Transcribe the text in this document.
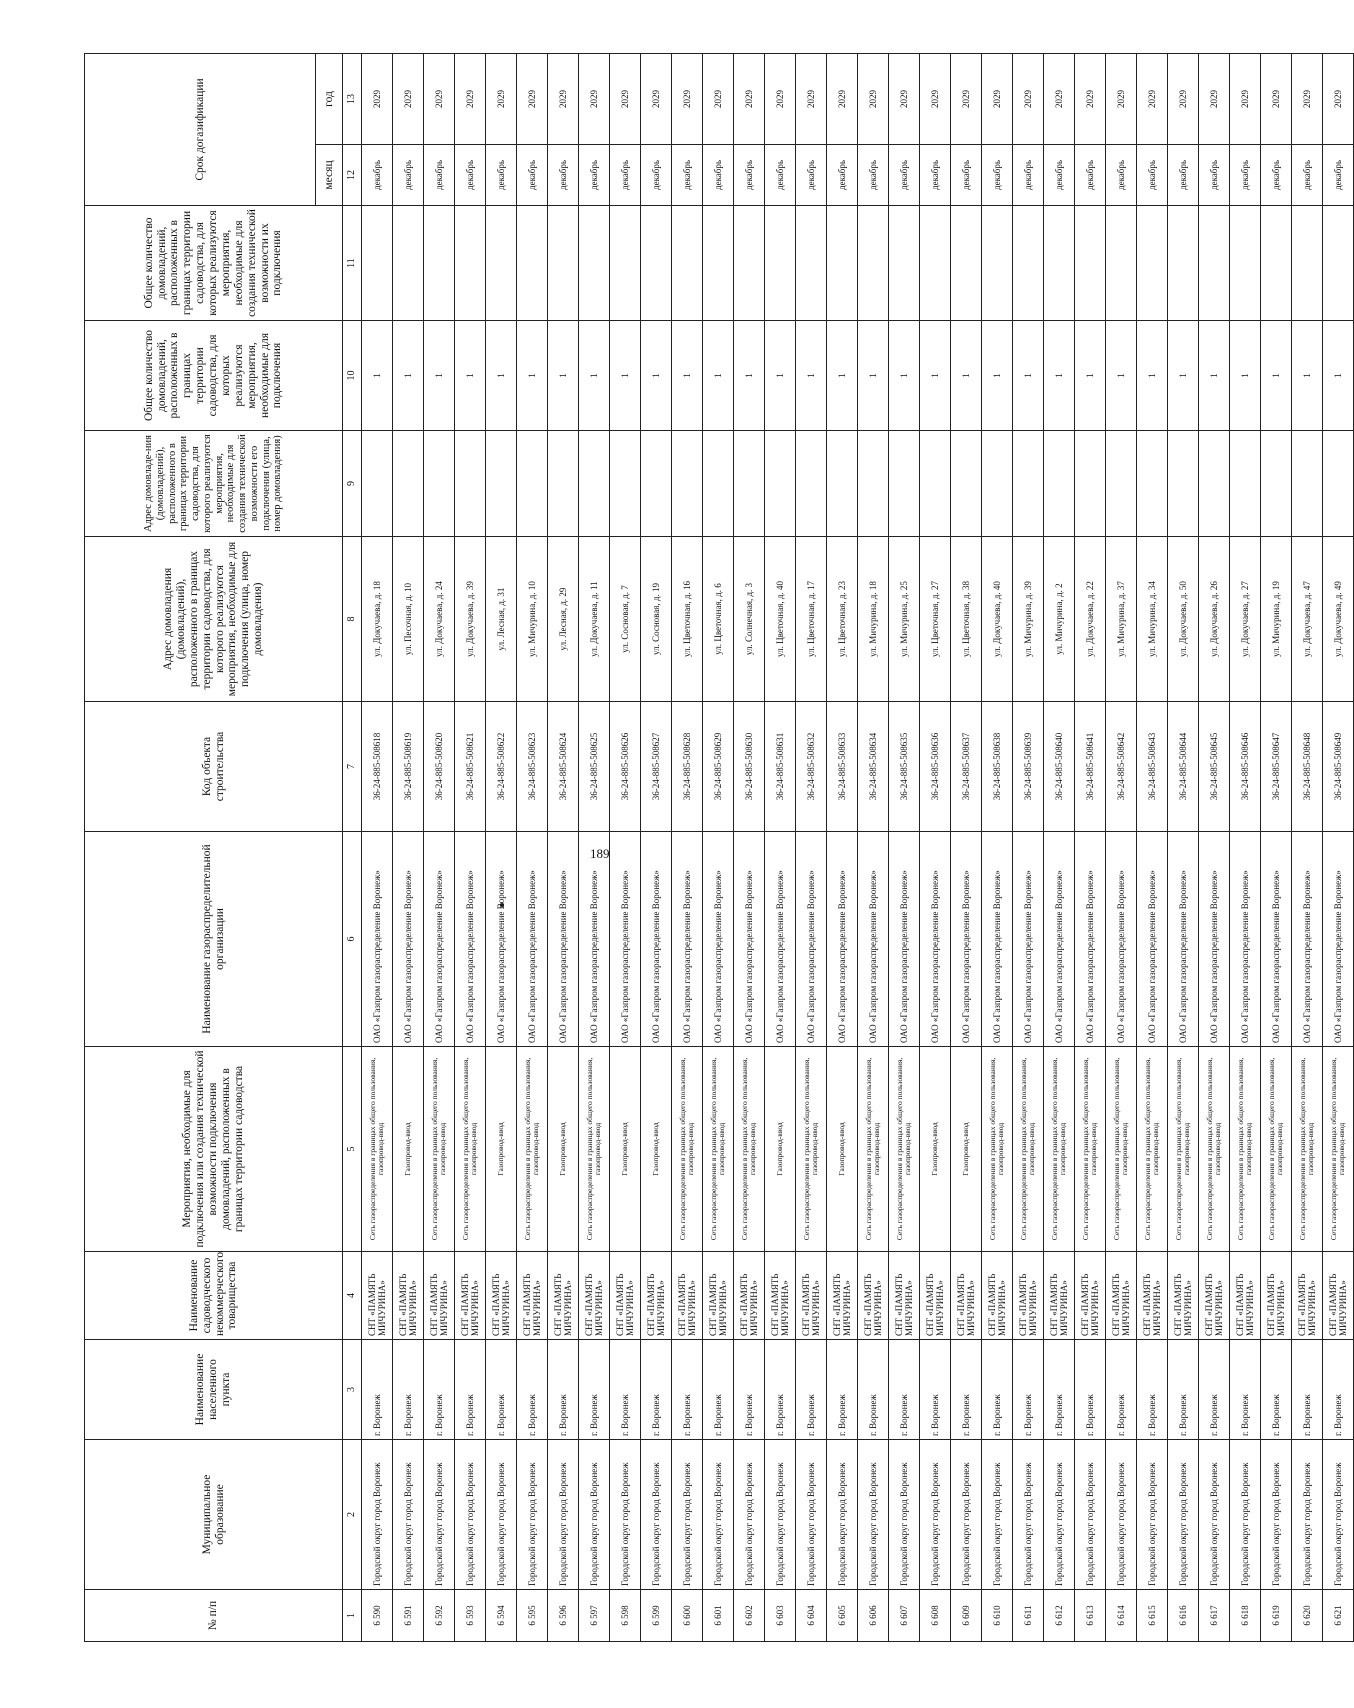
189
№ п/п	Муниципальное образование	Наименование населенного пункта	Наименование садоводческого некоммерческого товарищества	Мероприятия, необходимые для подключения или создания технической возможности подключения домовладений, расположенных в границах территории садоводства	Наименование газораспределительной организации	Код объекта строительства	Адрес домовладения (домовладений), расположенного в границах территории садоводства, для которого реализуются мероприятия, необходимые для подключения (улица, номер домовладения)	Адрес домовладе-ния (домовладений), расположенного в границах территории садоводства, для которого реализуются мероприятия, необходимые для создания технической возможности его подключения (улица, номер домовладения)	Общее количество домовладений, расположенных в границах территории садоводства, для которых реализуются мероприятия, необходимые для подключения	Общее количество домовладений, расположенных в границах территории садоводства, для которых реализуются мероприятия, необходимые для создания технической возможности их подключения	Срок догазификации	
											месяц	год
1	2	3	4	5	6	7	8	9	10	11	12	13
6 590	Городской округ город Воронеж	г. Воронеж	СНТ «ПАМЯТЬ МИЧУРИНА»	Сеть газораспределения в границах общего пользования, газопровод-ввод	ОАО «Газпром газораспределение Воронеж»	36-24-885-508618	ул. Докучаева, д. 18		1		декабрь	2029
6 591	Городской округ город Воронеж	г. Воронеж	СНТ «ПАМЯТЬ МИЧУРИНА»	Газопровод-ввод	ОАО «Газпром газораспределение Воронеж»	36-24-885-508619	ул. Песочная, д. 10		1		декабрь	2029
6 592	Городской округ город Воронеж	г. Воронеж	СНТ «ПАМЯТЬ МИЧУРИНА»	Сеть газораспределения в границах общего пользования, газопровод-ввод	ОАО «Газпром газораспределение Воронеж»	36-24-885-508620	ул. Докучаева, д. 24		1		декабрь	2029
6 593	Городской округ город Воронеж	г. Воронеж	СНТ «ПАМЯТЬ МИЧУРИНА»	Сеть газораспределения в границах общего пользования, газопровод-ввод	ОАО «Газпром газораспределение Воронеж»	36-24-885-508621	ул. Докучаева, д. 39		1		декабрь	2029
6 594	Городской округ город Воронеж	г. Воронеж	СНТ «ПАМЯТЬ МИЧУРИНА»	Газопровод-ввод	ОАО «Газпром газораспределение Воронеж»	36-24-885-508622	ул. Лесная, д. 31		1		декабрь	2029
6 595	Городской округ город Воронеж	г. Воронеж	СНТ «ПАМЯТЬ МИЧУРИНА»	Сеть газораспределения в границах общего пользования, газопровод-ввод	ОАО «Газпром газораспределение Воронеж»	36-24-885-508623	ул. Мичурина, д. 10		1		декабрь	2029
6 596	Городской округ город Воронеж	г. Воронеж	СНТ «ПАМЯТЬ МИЧУРИНА»	Газопровод-ввод	ОАО «Газпром газораспределение Воронеж»	36-24-885-508624	ул. Лесная, д. 29		1		декабрь	2029
6 597	Городской округ город Воронеж	г. Воронеж	СНТ «ПАМЯТЬ МИЧУРИНА»	Сеть газораспределения в границах общего пользования, газопровод-ввод	ОАО «Газпром газораспределение Воронеж»	36-24-885-508625	ул. Докучаева, д. 11		1		декабрь	2029
6 598	Городской округ город Воронеж	г. Воронеж	СНТ «ПАМЯТЬ МИЧУРИНА»	Газопровод-ввод	ОАО «Газпром газораспределение Воронеж»	36-24-885-508626	ул. Сосновая, д. 7		1		декабрь	2029
6 599	Городской округ город Воронеж	г. Воронеж	СНТ «ПАМЯТЬ МИЧУРИНА»	Газопровод-ввод	ОАО «Газпром газораспределение Воронеж»	36-24-885-508627	ул. Сосновая, д. 19		1		декабрь	2029
6 600	Городской округ город Воронеж	г. Воронеж	СНТ «ПАМЯТЬ МИЧУРИНА»	Сеть газораспределения в границах общего пользования, газопровод-ввод	ОАО «Газпром газораспределение Воронеж»	36-24-885-508628	ул. Цветочная, д. 16		1		декабрь	2029
6 601	Городской округ город Воронеж	г. Воронеж	СНТ «ПАМЯТЬ МИЧУРИНА»	Сеть газораспределения в границах общего пользования, газопровод-ввод	ОАО «Газпром газораспределение Воронеж»	36-24-885-508629	ул. Цветочная, д. 6		1		декабрь	2029
6 602	Городской округ город Воронеж	г. Воронеж	СНТ «ПАМЯТЬ МИЧУРИНА»	Сеть газораспределения в границах общего пользования, газопровод-ввод	ОАО «Газпром газораспределение Воронеж»	36-24-885-508630	ул. Солнечная, д. 3		1		декабрь	2029
6 603	Городской округ город Воронеж	г. Воронеж	СНТ «ПАМЯТЬ МИЧУРИНА»	Газопровод-ввод	ОАО «Газпром газораспределение Воронеж»	36-24-885-508631	ул. Цветочная, д. 40		1		декабрь	2029
6 604	Городской округ город Воронеж	г. Воронеж	СНТ «ПАМЯТЬ МИЧУРИНА»	Сеть газораспределения в границах общего пользования, газопровод-ввод	ОАО «Газпром газораспределение Воронеж»	36-24-885-508632	ул. Цветочная, д. 17		1		декабрь	2029
6 605	Городской округ город Воронеж	г. Воронеж	СНТ «ПАМЯТЬ МИЧУРИНА»	Газопровод-ввод	ОАО «Газпром газораспределение Воронеж»	36-24-885-508633	ул. Цветочная, д. 23		1		декабрь	2029
6 606	Городской округ город Воронеж	г. Воронеж	СНТ «ПАМЯТЬ МИЧУРИНА»	Сеть газораспределения в границах общего пользования, газопровод-ввод	ОАО «Газпром газораспределение Воронеж»	36-24-885-508634	ул. Мичурина, д. 18		1		декабрь	2029
6 607	Городской округ город Воронеж	г. Воронеж	СНТ «ПАМЯТЬ МИЧУРИНА»	Сеть газораспределения в границах общего пользования, газопровод-ввод	ОАО «Газпром газораспределение Воронеж»	36-24-885-508635	ул. Мичурина, д. 25		1		декабрь	2029
6 608	Городской округ город Воронеж	г. Воронеж	СНТ «ПАМЯТЬ МИЧУРИНА»	Газопровод-ввод	ОАО «Газпром газораспределение Воронеж»	36-24-885-508636	ул. Цветочная, д. 27		1		декабрь	2029
6 609	Городской округ город Воронеж	г. Воронеж	СНТ «ПАМЯТЬ МИЧУРИНА»	Газопровод-ввод	ОАО «Газпром газораспределение Воронеж»	36-24-885-508637	ул. Цветочная, д. 38		1		декабрь	2029
6 610	Городской округ город Воронеж	г. Воронеж	СНТ «ПАМЯТЬ МИЧУРИНА»	Сеть газораспределения в границах общего пользования, газопровод-ввод	ОАО «Газпром газораспределение Воронеж»	36-24-885-508638	ул. Докучаева, д. 40		1		декабрь	2029
6 611	Городской округ город Воронеж	г. Воронеж	СНТ «ПАМЯТЬ МИЧУРИНА»	Сеть газораспределения в границах общего пользования, газопровод-ввод	ОАО «Газпром газораспределение Воронеж»	36-24-885-508639	ул. Мичурина, д. 39		1		декабрь	2029
6 612	Городской округ город Воронеж	г. Воронеж	СНТ «ПАМЯТЬ МИЧУРИНА»	Сеть газораспределения в границах общего пользования, газопровод-ввод	ОАО «Газпром газораспределение Воронеж»	36-24-885-508640	ул. Мичурина, д. 2		1		декабрь	2029
6 613	Городской округ город Воронеж	г. Воронеж	СНТ «ПАМЯТЬ МИЧУРИНА»	Сеть газораспределения в границах общего пользования, газопровод-ввод	ОАО «Газпром газораспределение Воронеж»	36-24-885-508641	ул. Докучаева, д. 22		1		декабрь	2029
6 614	Городской округ город Воронеж	г. Воронеж	СНТ «ПАМЯТЬ МИЧУРИНА»	Сеть газораспределения в границах общего пользования, газопровод-ввод	ОАО «Газпром газораспределение Воронеж»	36-24-885-508642	ул. Мичурина, д. 37		1		декабрь	2029
6 615	Городской округ город Воронеж	г. Воронеж	СНТ «ПАМЯТЬ МИЧУРИНА»	Сеть газораспределения в границах общего пользования, газопровод-ввод	ОАО «Газпром газораспределение Воронеж»	36-24-885-508643	ул. Мичурина, д. 34		1		декабрь	2029
6 616	Городской округ город Воронеж	г. Воронеж	СНТ «ПАМЯТЬ МИЧУРИНА»	Сеть газораспределения в границах общего пользования, газопровод-ввод	ОАО «Газпром газораспределение Воронеж»	36-24-885-508644	ул. Докучаева, д. 50		1		декабрь	2029
6 617	Городской округ город Воронеж	г. Воронеж	СНТ «ПАМЯТЬ МИЧУРИНА»	Сеть газораспределения в границах общего пользования, газопровод-ввод	ОАО «Газпром газораспределение Воронеж»	36-24-885-508645	ул. Докучаева, д. 26		1		декабрь	2029
6 618	Городской округ город Воронеж	г. Воронеж	СНТ «ПАМЯТЬ МИЧУРИНА»	Сеть газораспределения в границах общего пользования, газопровод-ввод	ОАО «Газпром газораспределение Воронеж»	36-24-885-508646	ул. Докучаева, д. 27		1		декабрь	2029
6 619	Городской округ город Воронеж	г. Воронеж	СНТ «ПАМЯТЬ МИЧУРИНА»	Сеть газораспределения в границах общего пользования, газопровод-ввод	ОАО «Газпром газораспределение Воронеж»	36-24-885-508647	ул. Мичурина, д. 19		1		декабрь	2029
6 620	Городской округ город Воронеж	г. Воронеж	СНТ «ПАМЯТЬ МИЧУРИНА»	Сеть газораспределения в границах общего пользования, газопровод-ввод	ОАО «Газпром газораспределение Воронеж»	36-24-885-508648	ул. Докучаева, д. 47		1		декабрь	2029
6 621	Городской округ город Воронеж	г. Воронеж	СНТ «ПАМЯТЬ МИЧУРИНА»	Сеть газораспределения в границах общего пользования, газопровод-ввод	ОАО «Газпром газораспределение Воронеж»	36-24-885-508649	ул. Докучаева, д. 49		1		декабрь	2029
